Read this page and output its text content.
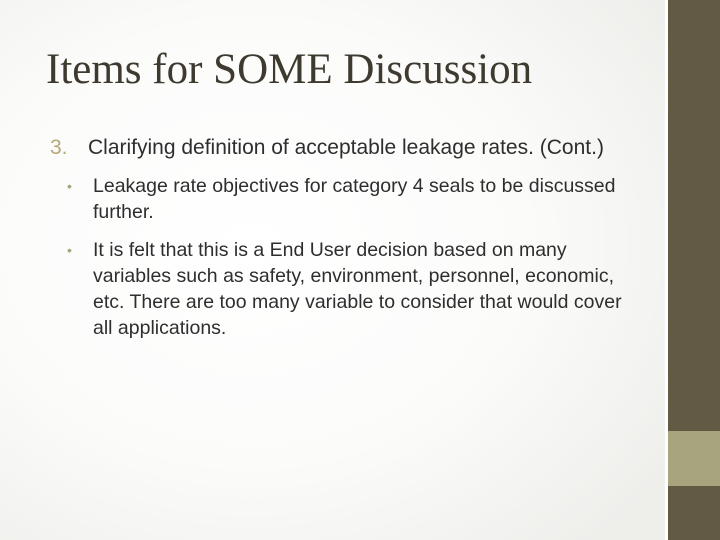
Items for SOME Discussion
3. Clarifying definition of acceptable leakage rates. (Cont.)
•	Leakage rate objectives for category 4 seals to be discussed further.
•	It is felt that this is a End User decision based on many variables such as safety, environment, personnel, economic, etc. There are too many variable to consider that would cover all applications.
